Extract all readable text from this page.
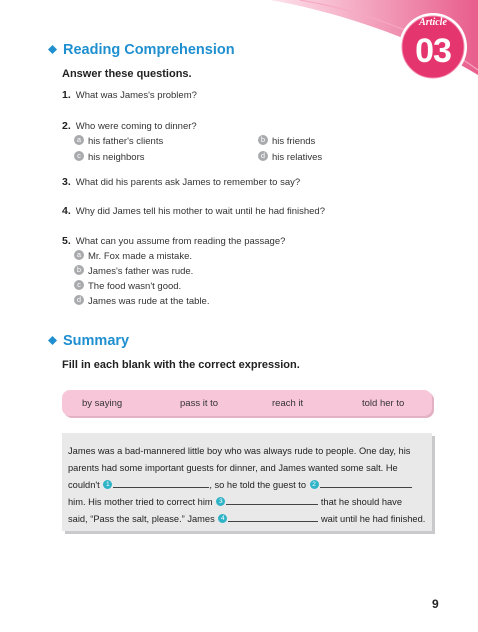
Article
03
Reading Comprehension
Answer these questions.
1. What was James's problem?
2. Who were coming to dinner?
a his father's clients	b his friends
c his neighbors	d his relatives
3. What did his parents ask James to remember to say?
4. Why did James tell his mother to wait until he had finished?
5. What can you assume from reading the passage?
a Mr. Fox made a mistake.
b James's father was rude.
c The food wasn't good.
d James was rude at the table.
Summary
Fill in each blank with the correct expression.
by saying	pass it to	reach it	told her to
James was a bad-mannered little boy who was always rude to people. One day, his
parents had some important guests for dinner, and James wanted some salt. He
couldn't 1	, so he told the guest to 2
him. His mother tried to correct him 3	that he should have
said, “Pass the salt, please.” James 4	wait until he had finished.
9
